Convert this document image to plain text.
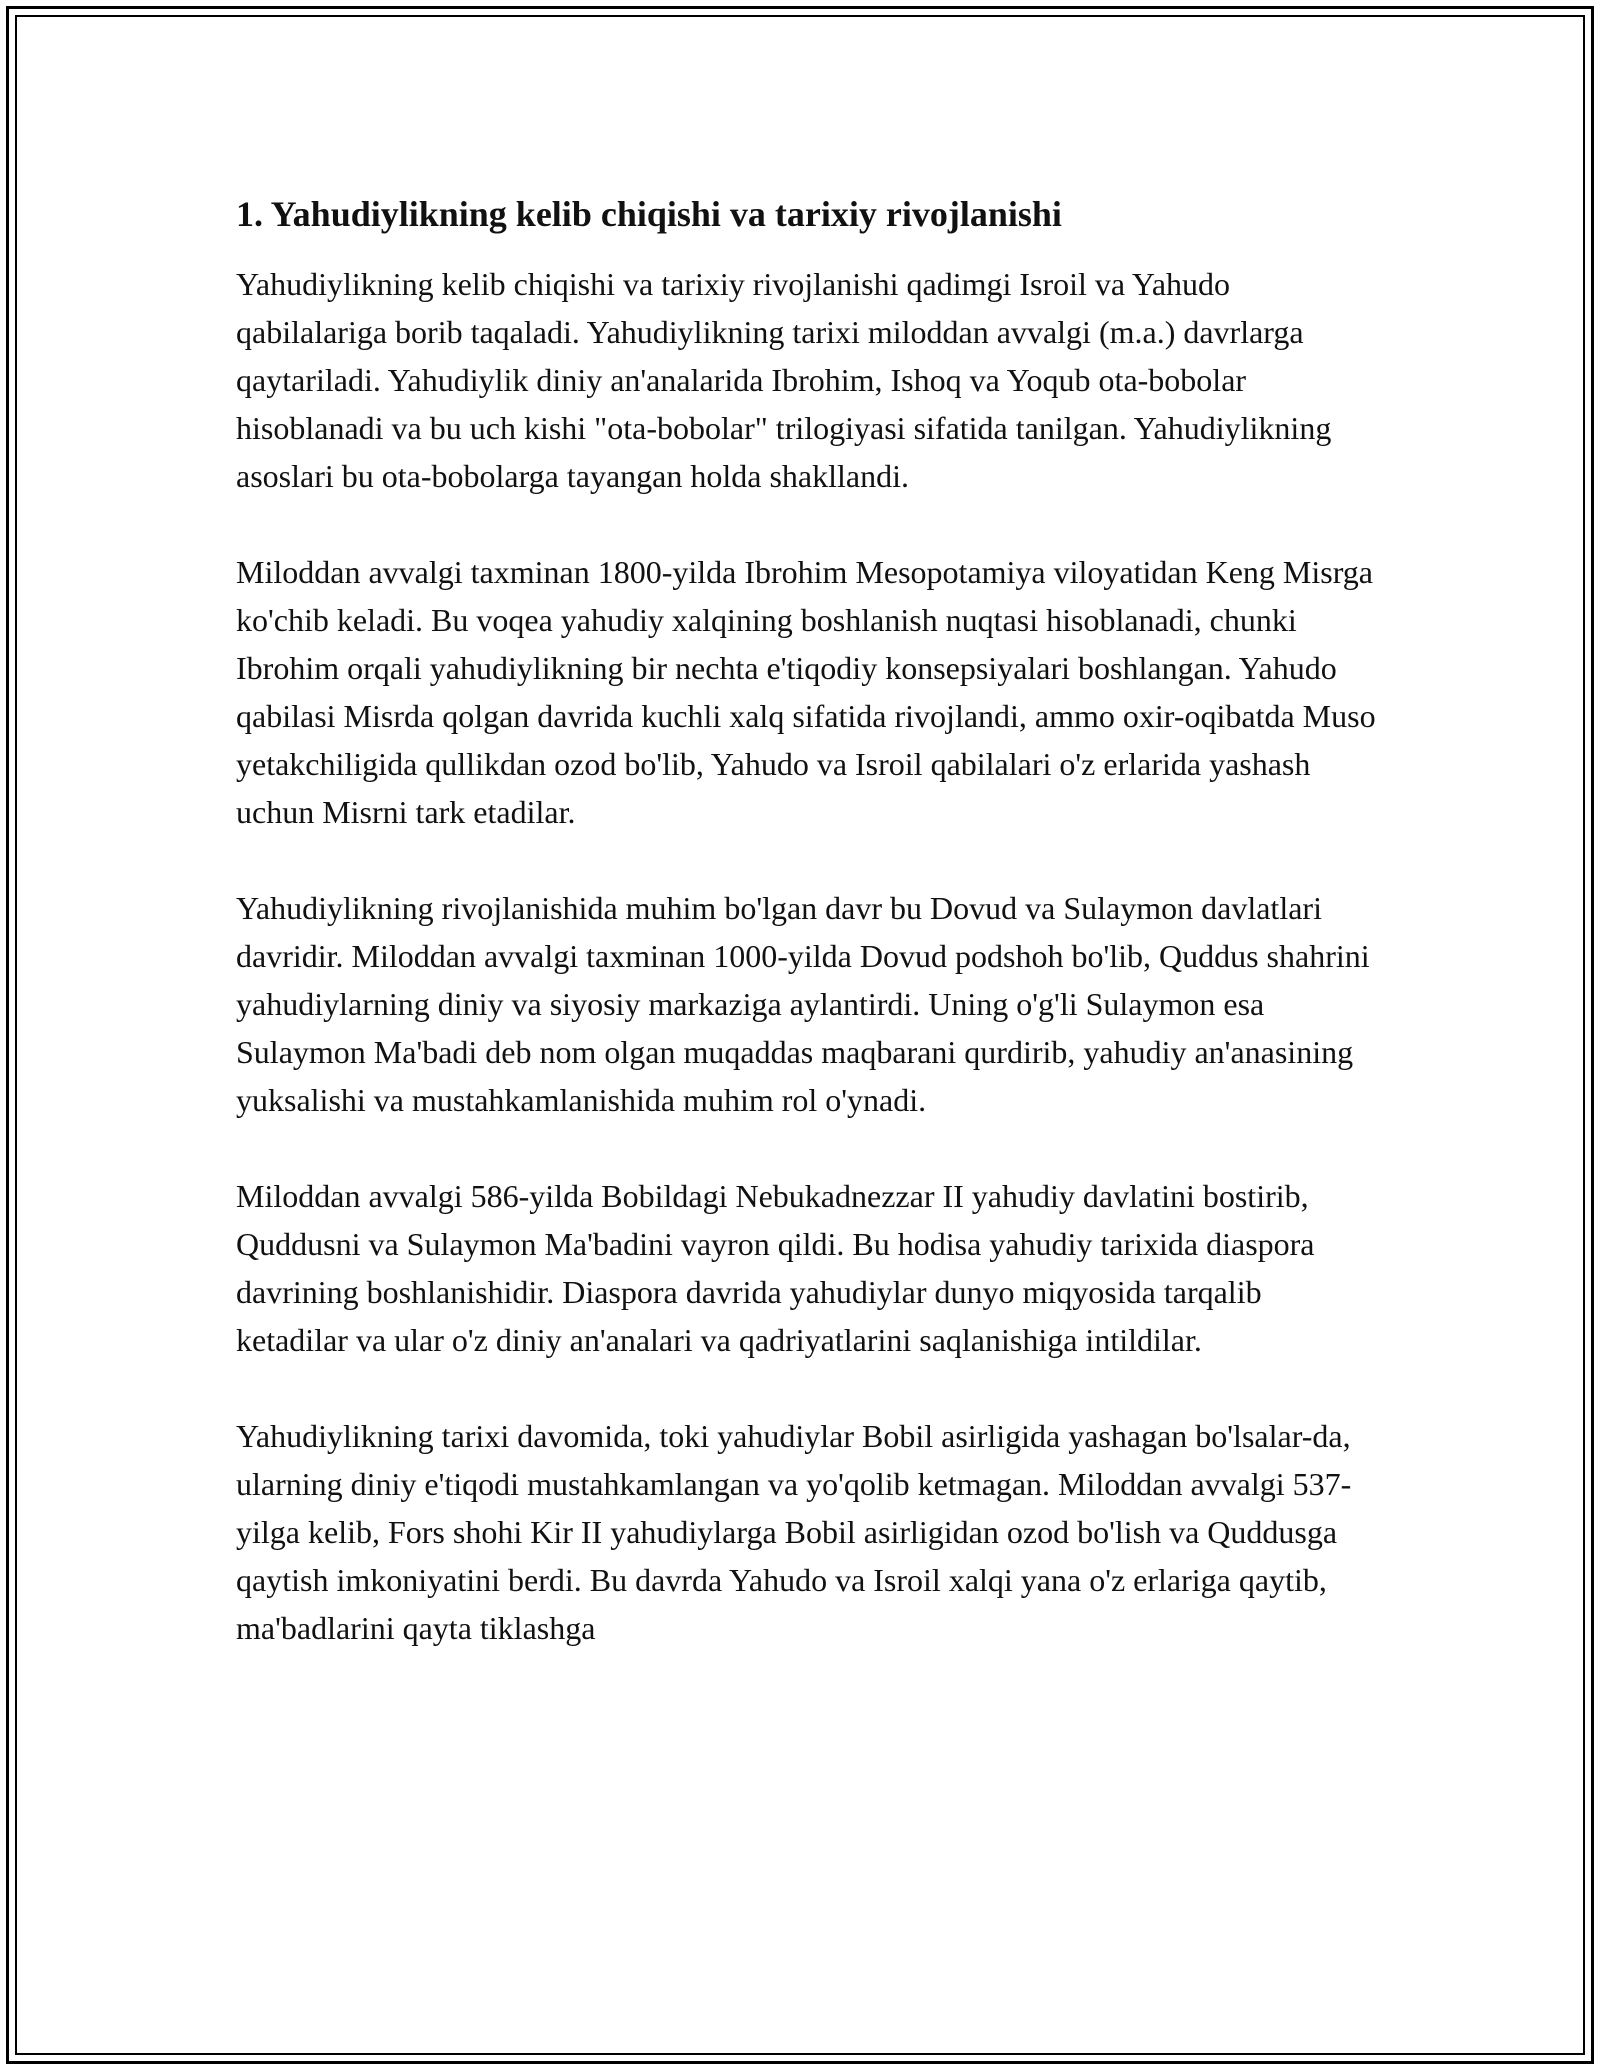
1. Yahudiylikning kelib chiqishi va tarixiy rivojlanishi

Yahudiylikning kelib chiqishi va tarixiy rivojlanishi qadimgi Isroil va Yahudo qabilalariga borib taqaladi. Yahudiylikning tarixi miloddan avvalgi (m.a.) davrlarga qaytariladi. Yahudiylik diniy an'analarida Ibrohim, Ishoq va Yoqub ota-bobolar hisoblanadi va bu uch kishi "ota-bobolar" trilogiyasi sifatida tanilgan. Yahudiylikning asoslari bu ota-bobolarga tayangan holda shakllandi.

Miloddan avvalgi taxminan 1800-yilda Ibrohim Mesopotamiya viloyatidan Keng Misrga ko'chib keladi. Bu voqea yahudiy xalqining boshlanish nuqtasi hisoblanadi, chunki Ibrohim orqali yahudiylikning bir nechta e'tiqodiy konsepsiyalari boshlangan. Yahudo qabilasi Misrda qolgan davrida kuchli xalq sifatida rivojlandi, ammo oxir-oqibatda Muso yetakchiligida qullikdan ozod bo'lib, Yahudo va Isroil qabilalari o'z erlarida yashash uchun Misrni tark etadilar.

Yahudiylikning rivojlanishida muhim bo'lgan davr bu Dovud va Sulaymon davlatlari davridir. Miloddan avvalgi taxminan 1000-yilda Dovud podshoh bo'lib, Quddus shahrini yahudiylarning diniy va siyosiy markaziga aylantirdi. Uning o'g'li Sulaymon esa Sulaymon Ma'badi deb nom olgan muqaddas maqbarani qurdirib, yahudiy an'anasining yuksalishi va mustahkamlanishida muhim rol o'ynadi.

Miloddan avvalgi 586-yilda Bobildagi Nebukadnezzar II yahudiy davlatini bostirib, Quddusni va Sulaymon Ma'badini vayron qildi. Bu hodisa yahudiy tarixida diaspora davrining boshlanishidir. Diaspora davrida yahudiylar dunyo miqyosida tarqalib ketadilar va ular o'z diniy an'analari va qadriyatlarini saqlanishiga intildilar.

Yahudiylikning tarixi davomida, toki yahudiylar Bobil asirligida yashagan bo'lsalar-da, ularning diniy e'tiqodi mustahkamlangan va yo'qolib ketmagan. Miloddan avvalgi 537-yilga kelib, Fors shohi Kir II yahudiylarga Bobil asirligidan ozod bo'lish va Quddusga qaytish imkoniyatini berdi. Bu davrda Yahudo va Isroil xalqi yana o'z erlariga qaytib, ma'badlarini qayta tiklashga
